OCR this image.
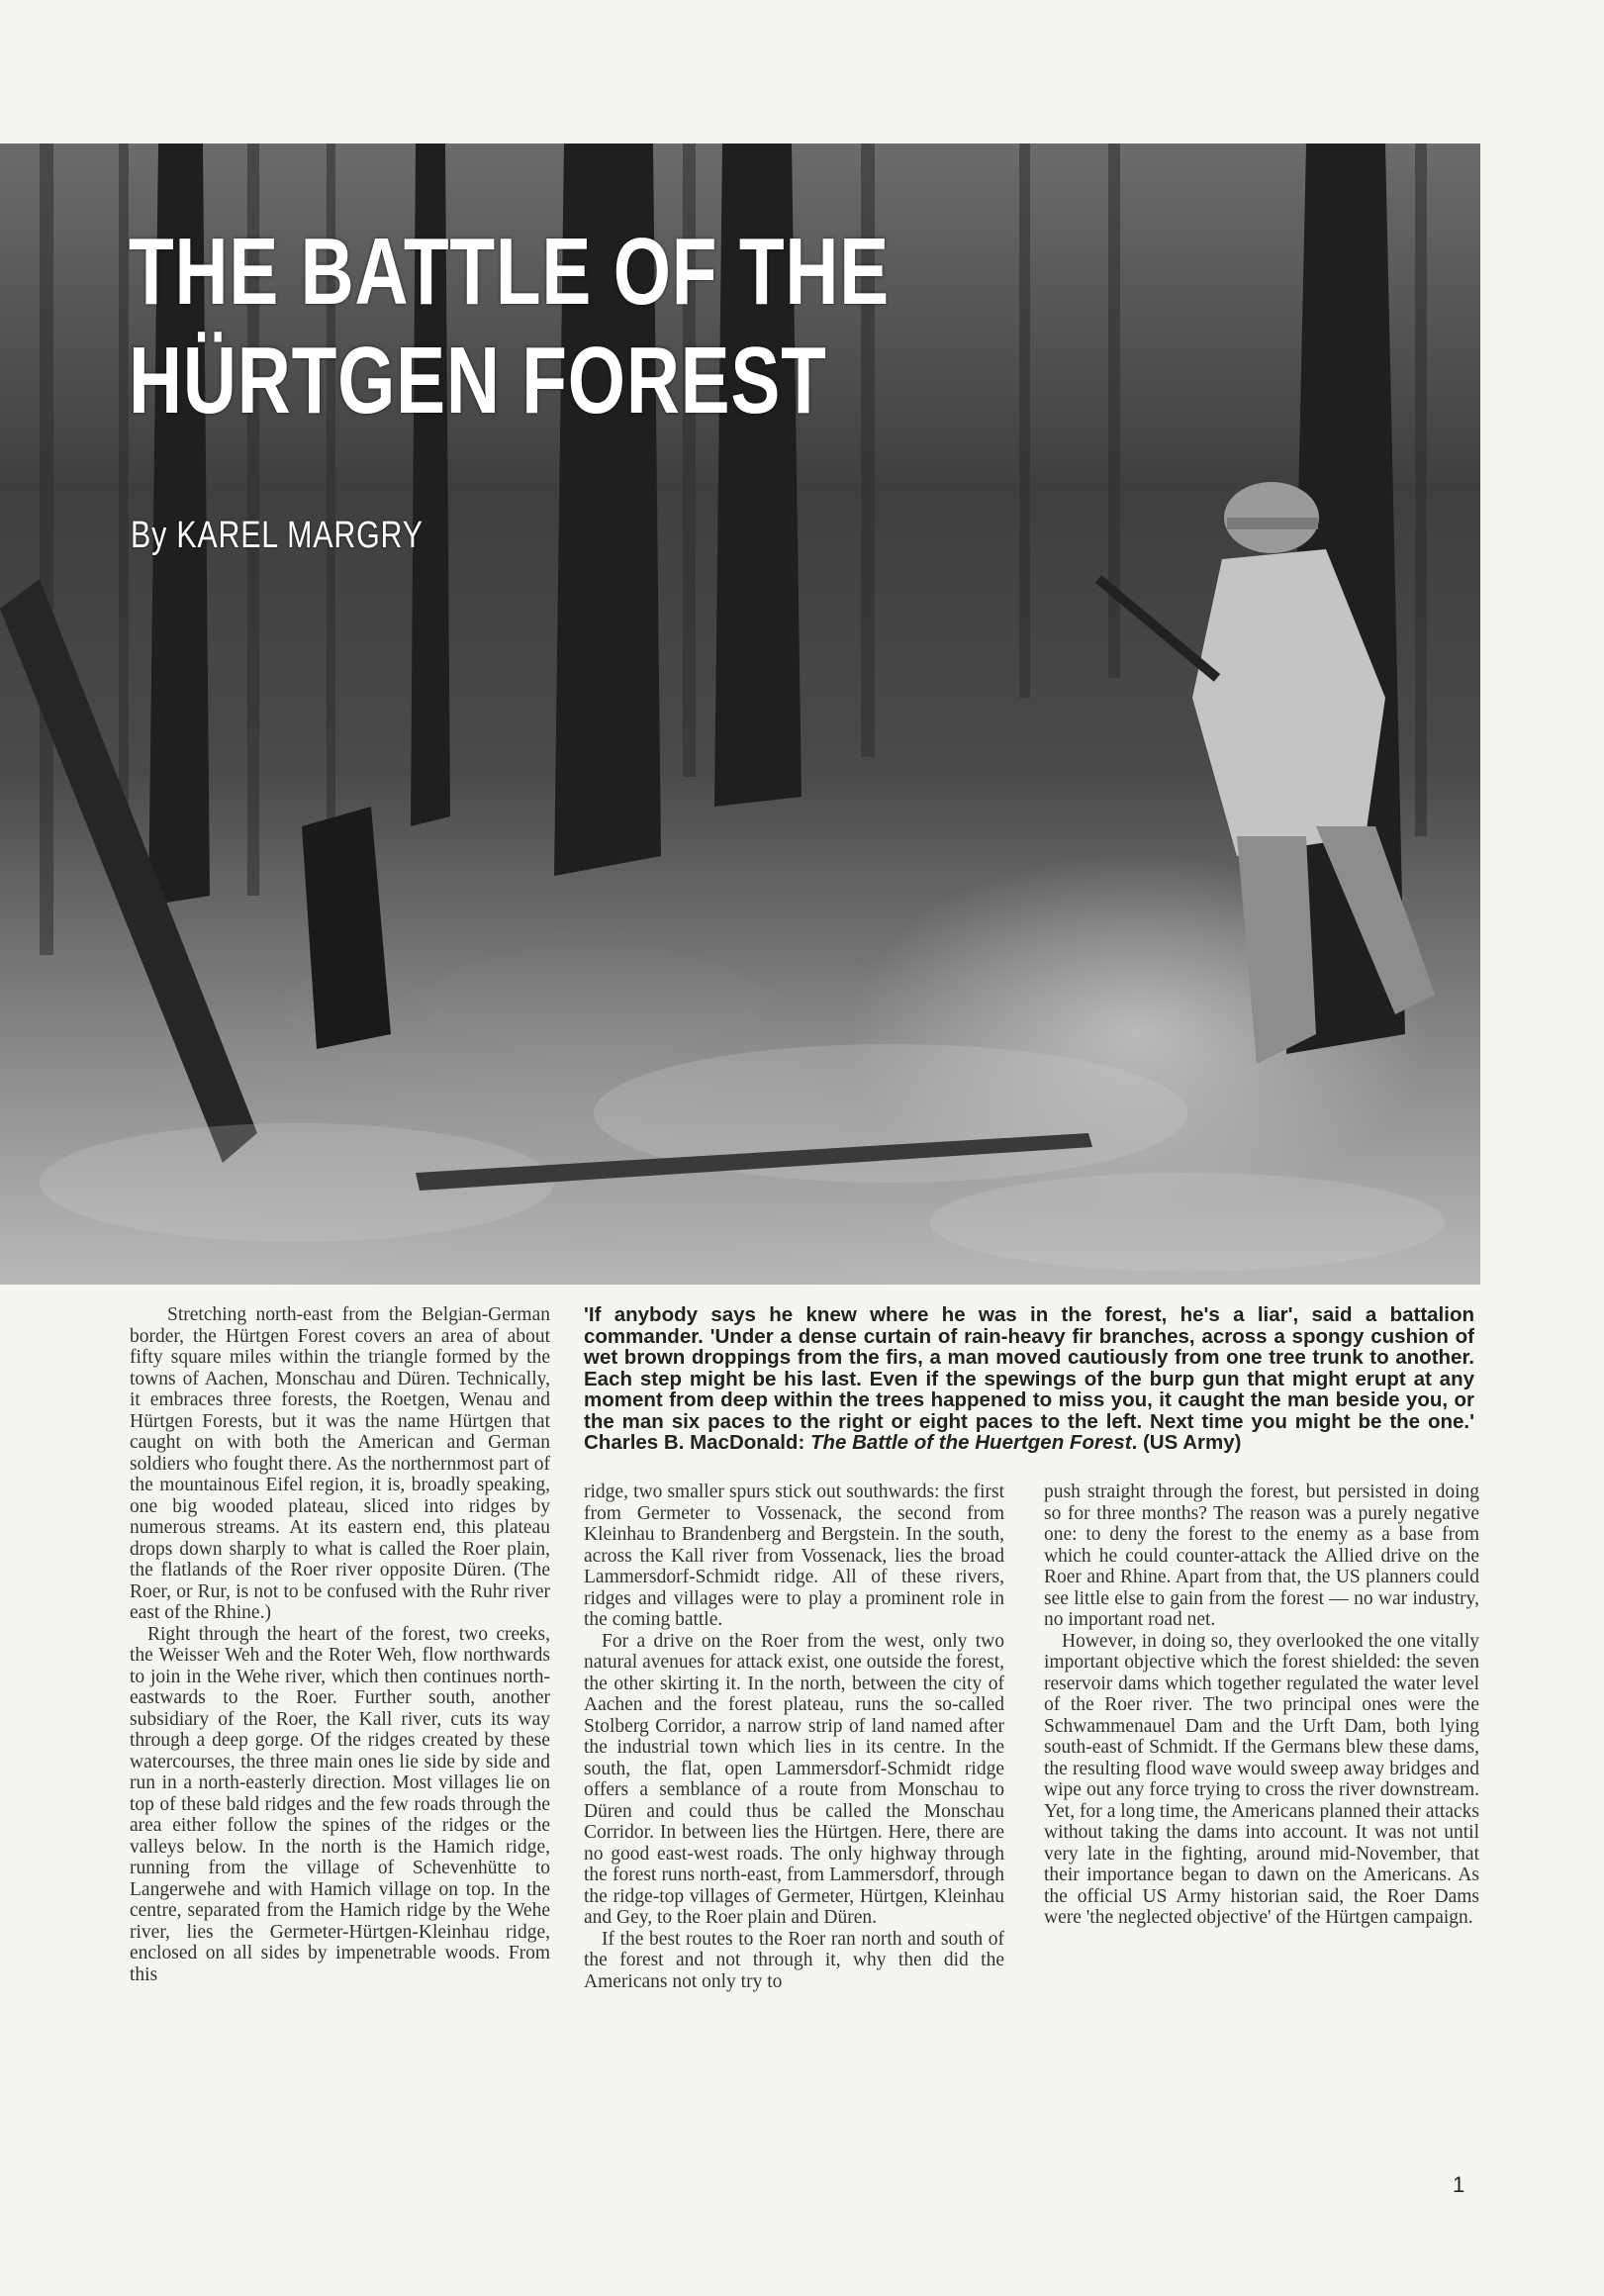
THE BATTLE OF THE
HÜRTGEN FOREST
By KAREL MARGRY

'If anybody says he knew where he was in the forest, he's a liar', said a battalion commander. 'Under a dense curtain of rain-heavy fir branches, across a spongy cushion of wet brown droppings from the firs, a man moved cautiously from one tree trunk to another. Each step might be his last. Even if the spewings of the burp gun that might erupt at any moment from deep within the trees happened to miss you, it caught the man beside you, or the man six paces to the right or eight paces to the left. Next time you might be the one.' Charles B. MacDonald: The Battle of the Huertgen Forest. (US Army)

Stretching north-east from the Belgian-German border, the Hürtgen Forest covers an area of about fifty square miles within the triangle formed by the towns of Aachen, Monschau and Düren. Technically, it embraces three forests, the Roetgen, Wenau and Hürtgen Forests, but it was the name Hürtgen that caught on with both the American and German soldiers who fought there. As the northernmost part of the mountainous Eifel region, it is, broadly speaking, one big wooded plateau, sliced into ridges by numerous streams. At its eastern end, this plateau drops down sharply to what is called the Roer plain, the flatlands of the Roer river opposite Düren. (The Roer, or Rur, is not to be confused with the Ruhr river east of the Rhine.)

Right through the heart of the forest, two creeks, the Weisser Weh and the Roter Weh, flow northwards to join in the Wehe river, which then continues north-eastwards to the Roer. Further south, another subsidiary of the Roer, the Kall river, cuts its way through a deep gorge. Of the ridges created by these watercourses, the three main ones lie side by side and run in a north-easterly direction. Most villages lie on top of these bald ridges and the few roads through the area either follow the spines of the ridges or the valleys below. In the north is the Hamich ridge, running from the village of Schevenhütte to Langerwehe and with Hamich village on top. In the centre, separated from the Hamich ridge by the Wehe river, lies the Germeter-Hürtgen-Kleinhau ridge, enclosed on all sides by impenetrable woods. From this

ridge, two smaller spurs stick out southwards: the first from Germeter to Vossenack, the second from Kleinhau to Brandenberg and Bergstein. In the south, across the Kall river from Vossenack, lies the broad Lammersdorf-Schmidt ridge. All of these rivers, ridges and villages were to play a prominent role in the coming battle.

For a drive on the Roer from the west, only two natural avenues for attack exist, one outside the forest, the other skirting it. In the north, between the city of Aachen and the forest plateau, runs the so-called Stolberg Corridor, a narrow strip of land named after the industrial town which lies in its centre. In the south, the flat, open Lammersdorf-Schmidt ridge offers a semblance of a route from Monschau to Düren and could thus be called the Monschau Corridor. In between lies the Hürtgen. Here, there are no good east-west roads. The only highway through the forest runs north-east, from Lammersdorf, through the ridge-top villages of Germeter, Hürtgen, Kleinhau and Gey, to the Roer plain and Düren.

If the best routes to the Roer ran north and south of the forest and not through it, why then did the Americans not only try to

push straight through the forest, but persisted in doing so for three months? The reason was a purely negative one: to deny the forest to the enemy as a base from which he could counter-attack the Allied drive on the Roer and Rhine. Apart from that, the US planners could see little else to gain from the forest — no war industry, no important road net.

However, in doing so, they overlooked the one vitally important objective which the forest shielded: the seven reservoir dams which together regulated the water level of the Roer river. The two principal ones were the Schwammenauel Dam and the Urft Dam, both lying south-east of Schmidt. If the Germans blew these dams, the resulting flood wave would sweep away bridges and wipe out any force trying to cross the river downstream. Yet, for a long time, the Americans planned their attacks without taking the dams into account. It was not until very late in the fighting, around mid-November, that their importance began to dawn on the Americans. As the official US Army historian said, the Roer Dams were 'the neglected objective' of the Hürtgen campaign.

1
